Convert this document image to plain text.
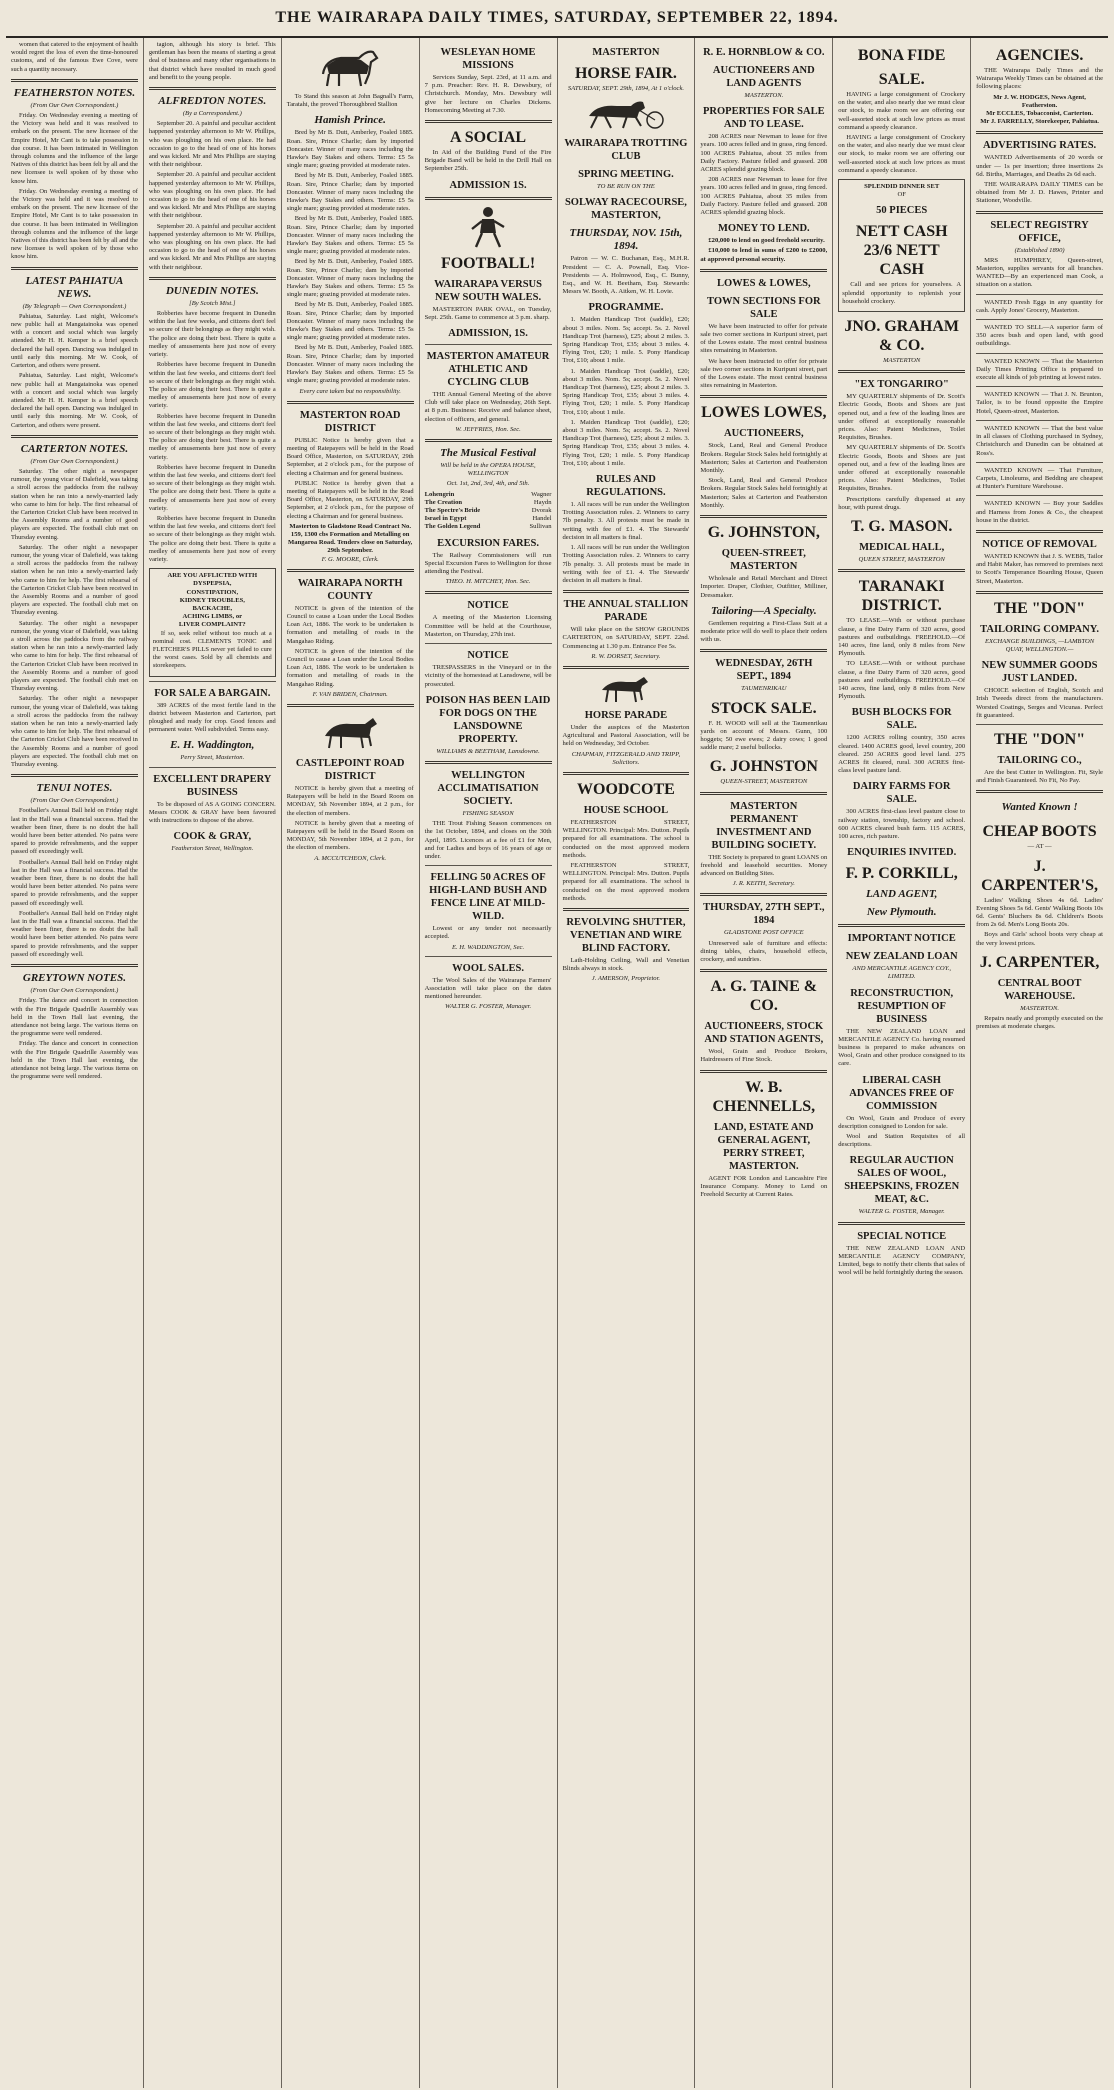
THE WAIRARAPA DAILY TIMES, SATURDAY, SEPTEMBER 22, 1894.
women that catered to the enjoyment of health would regret the loss of even the time-honoured customs, and of the famous Ewe Cove, were such a quantity necessary.
FEATHERSTON NOTES.
(From Our Own Correspondent.)
Friday. On Wednesday evening a meeting of the Victory was held and it was resolved to embark on the present. The new licensee of the Empire Hotel, Mr Cant is to take possession in due course. It has been intimated in Wellington through columns and the influence of the large Natives of this district has been felt by all and the new licensee is well spoken of by those who know him.
Friday. On Wednesday evening a meeting of the Victory was held and it was resolved to embark on the present. The new licensee of the Empire Hotel, Mr Cant is to take possession in due course. It has been intimated in Wellington through columns and the influence of the large Natives of this district has been felt by all and the new licensee is well spoken of by those who know him.
LATEST PAHIATUA NEWS.
(By Telegraph — Own Correspondent.)
Pahiatua, Saturday. Last night, Welcome's new public hall at Mangatainoka was opened with a concert and social which was largely attended. Mr H. H. Kemper is a brief speech declared the hall open. Dancing was indulged in until early this morning. Mr W. Cook, of Carterton, and others were present.
Pahiatua, Saturday. Last night, Welcome's new public hall at Mangatainoka was opened with a concert and social which was largely attended. Mr H. H. Kemper is a brief speech declared the hall open. Dancing was indulged in until early this morning. Mr W. Cook, of Carterton, and others were present.
CARTERTON NOTES.
(From Our Own Correspondent.)
Saturday. The other night a newspaper rumour, the young vicar of Dalefield, was taking a stroll across the paddocks from the railway station when he ran into a newly-married lady who came to him for help. The first rehearsal of the Carterton Cricket Club have been received in the Assembly Rooms and a number of good players are expected. The football club met on Thursday evening.
Saturday. The other night a newspaper rumour, the young vicar of Dalefield, was taking a stroll across the paddocks from the railway station when he ran into a newly-married lady who came to him for help. The first rehearsal of the Carterton Cricket Club have been received in the Assembly Rooms and a number of good players are expected. The football club met on Thursday evening.
Saturday. The other night a newspaper rumour, the young vicar of Dalefield, was taking a stroll across the paddocks from the railway station when he ran into a newly-married lady who came to him for help. The first rehearsal of the Carterton Cricket Club have been received in the Assembly Rooms and a number of good players are expected. The football club met on Thursday evening.
Saturday. The other night a newspaper rumour, the young vicar of Dalefield, was taking a stroll across the paddocks from the railway station when he ran into a newly-married lady who came to him for help. The first rehearsal of the Carterton Cricket Club have been received in the Assembly Rooms and a number of good players are expected. The football club met on Thursday evening.
TENUI NOTES.
(From Our Own Correspondent.)
Footballer's Annual Ball held on Friday night last in the Hall was a financial success. Had the weather been finer, there is no doubt the hall would have been better attended. No pains were spared to provide refreshments, and the supper passed off exceedingly well.
Footballer's Annual Ball held on Friday night last in the Hall was a financial success. Had the weather been finer, there is no doubt the hall would have been better attended. No pains were spared to provide refreshments, and the supper passed off exceedingly well.
Footballer's Annual Ball held on Friday night last in the Hall was a financial success. Had the weather been finer, there is no doubt the hall would have been better attended. No pains were spared to provide refreshments, and the supper passed off exceedingly well.
GREYTOWN NOTES.
(From Our Own Correspondent.)
Friday. The dance and concert in connection with the Fire Brigade Quadrille Assembly was held in the Town Hall last evening, the attendance not being large. The various items on the programme were well rendered.
Friday. The dance and concert in connection with the Fire Brigade Quadrille Assembly was held in the Town Hall last evening, the attendance not being large. The various items on the programme were well rendered.
tagion, although his story is brief. This gentleman has been the means of starting a great deal of business and many other organisations in that district which have resulted in much good and benefit to the young people.
ALFREDTON NOTES.
(By a Correspondent.)
September 20. A painful and peculiar accident happened yesterday afternoon to Mr W. Phillips, who was ploughing on his own place. He had occasion to go to the head of one of his horses and was kicked. Mr and Mrs Phillips are staying with their neighbour.
September 20. A painful and peculiar accident happened yesterday afternoon to Mr W. Phillips, who was ploughing on his own place. He had occasion to go to the head of one of his horses and was kicked. Mr and Mrs Phillips are staying with their neighbour.
September 20. A painful and peculiar accident happened yesterday afternoon to Mr W. Phillips, who was ploughing on his own place. He had occasion to go to the head of one of his horses and was kicked. Mr and Mrs Phillips are staying with their neighbour.
DUNEDIN NOTES.
[By Scotch Mist.]
Robberies have become frequent in Dunedin within the last few weeks, and citizens don't feel so secure of their belongings as they might wish. The police are doing their best. There is quite a medley of amusements here just now of every variety.
Robberies have become frequent in Dunedin within the last few weeks, and citizens don't feel so secure of their belongings as they might wish. The police are doing their best. There is quite a medley of amusements here just now of every variety.
Robberies have become frequent in Dunedin within the last few weeks, and citizens don't feel so secure of their belongings as they might wish. The police are doing their best. There is quite a medley of amusements here just now of every variety.
Robberies have become frequent in Dunedin within the last few weeks, and citizens don't feel so secure of their belongings as they might wish. The police are doing their best. There is quite a medley of amusements here just now of every variety.
Robberies have become frequent in Dunedin within the last few weeks, and citizens don't feel so secure of their belongings as they might wish. The police are doing their best. There is quite a medley of amusements here just now of every variety.
ARE YOU AFFLICTED WITH
DYSPEPSIA,
CONSTIPATION,
KIDNEY TROUBLES,
BACKACHE,
ACHING LIMBS, or
LIVER COMPLAINT?
If so, seek relief without too much at a nominal cost. CLEMENTS TONIC and FLETCHER'S PILLS never yet failed to cure the worst cases. Sold by all chemists and storekeepers.
FOR SALE A BARGAIN.
389 ACRES of the most fertile land in the district between Masterton and Carterton, part ploughed and ready for crop. Good fences and permanent water. Well subdivided. Terms easy.
E. H. Waddington,
Perry Street, Masterton.
EXCELLENT DRAPERY BUSINESS
To be disposed of AS A GOING CONCERN. Messrs COOK & GRAY have been favoured with instructions to dispose of the above.
COOK & GRAY,
Featherston Street, Wellington.
To Stand this season at John Bagnall's Farm, Taratahi, the proved Thoroughbred Stallion
Hamish Prince.
Bred by Mr B. Dutt, Amberley, Foaled 1885. Roan. Sire, Prince Charlie; dam by imported Doncaster. Winner of many races including the Hawke's Bay Stakes and others. Terms: £5 5s single mare; grazing provided at moderate rates.
Bred by Mr B. Dutt, Amberley, Foaled 1885. Roan. Sire, Prince Charlie; dam by imported Doncaster. Winner of many races including the Hawke's Bay Stakes and others. Terms: £5 5s single mare; grazing provided at moderate rates.
Bred by Mr B. Dutt, Amberley, Foaled 1885. Roan. Sire, Prince Charlie; dam by imported Doncaster. Winner of many races including the Hawke's Bay Stakes and others. Terms: £5 5s single mare; grazing provided at moderate rates.
Bred by Mr B. Dutt, Amberley, Foaled 1885. Roan. Sire, Prince Charlie; dam by imported Doncaster. Winner of many races including the Hawke's Bay Stakes and others. Terms: £5 5s single mare; grazing provided at moderate rates.
Bred by Mr B. Dutt, Amberley, Foaled 1885. Roan. Sire, Prince Charlie; dam by imported Doncaster. Winner of many races including the Hawke's Bay Stakes and others. Terms: £5 5s single mare; grazing provided at moderate rates.
Bred by Mr B. Dutt, Amberley, Foaled 1885. Roan. Sire, Prince Charlie; dam by imported Doncaster. Winner of many races including the Hawke's Bay Stakes and others. Terms: £5 5s single mare; grazing provided at moderate rates.
Every care taken but no responsibility.
MASTERTON ROAD DISTRICT
PUBLIC Notice is hereby given that a meeting of Ratepayers will be held in the Road Board Office, Masterton, on SATURDAY, 29th September, at 2 o'clock p.m., for the purpose of electing a Chairman and for general business.
PUBLIC Notice is hereby given that a meeting of Ratepayers will be held in the Road Board Office, Masterton, on SATURDAY, 29th September, at 2 o'clock p.m., for the purpose of electing a Chairman and for general business.
Masterton to Gladstone Road Contract No. 159, 1300 cbs Formation and Metalling on Mangaroa Road. Tenders close on Saturday, 29th September.
F. G. MOORE, Clerk.
WAIRARAPA NORTH COUNTY
NOTICE is given of the intention of the Council to cause a Loan under the Local Bodies Loan Act, 1886. The work to be undertaken is formation and metalling of roads in the Mangahao Riding.
NOTICE is given of the intention of the Council to cause a Loan under the Local Bodies Loan Act, 1886. The work to be undertaken is formation and metalling of roads in the Mangahao Riding.
F. VAN BRIDEN, Chairman.
CASTLEPOINT ROAD DISTRICT
NOTICE is hereby given that a meeting of Ratepayers will be held in the Board Room on MONDAY, 5th November 1894, at 2 p.m., for the election of members.
NOTICE is hereby given that a meeting of Ratepayers will be held in the Board Room on MONDAY, 5th November 1894, at 2 p.m., for the election of members.
A. MCCUTCHEON, Clerk.
WESLEYAN HOME MISSIONS
Services Sunday, Sept. 23rd, at 11 a.m. and 7 p.m. Preacher: Rev. H. R. Dewsbury, of Christchurch. Monday, Mrs. Dewsbury will give her lecture on Charles Dickens. Homecoming Meeting at 7.30.
A SOCIAL
In Aid of the Building Fund of the Fire Brigade Band will be held in the Drill Hall on September 25th.
ADMISSION 1S.
FOOTBALL!
WAIRARAPA VERSUS NEW SOUTH WALES.
MASTERTON PARK OVAL, on Tuesday, Sept. 25th. Game to commence at 3 p.m. sharp.
ADMISSION, 1S.
MASTERTON AMATEUR ATHLETIC AND CYCLING CLUB
THE Annual General Meeting of the above Club will take place on Wednesday, 26th Sept. at 8 p.m. Business: Receive and balance sheet, election of officers, and general.
W. JEFFRIES, Hon. Sec.
The Musical Festival
Will be held in the OPERA HOUSE, WELLINGTON
Oct. 1st, 2nd, 3rd, 4th, and 5th.
Lohengrin	Wagner
The Creation	Haydn
The Spectre's Bride	Dvorak
Israel in Egypt	Handel
The Golden Legend	Sullivan
EXCURSION FARES.
The Railway Commissioners will run Special Excursion Fares to Wellington for those attending the Festival.
THEO. H. MITCHEY, Hon. Sec.
NOTICE
A meeting of the Masterton Licensing Committee will be held at the Courthouse, Masterton, on Thursday, 27th inst.
NOTICE
TRESPASSERS in the Vineyard or in the vicinity of the homestead at Lansdowne, will be prosecuted.
POISON HAS BEEN LAID FOR DOGS ON THE LANSDOWNE PROPERTY.
WILLIAMS & BEETHAM, Lansdowne.
WELLINGTON ACCLIMATISATION SOCIETY.
FISHING SEASON
THE Trout Fishing Season commences on the 1st October, 1894, and closes on the 30th April, 1895. Licences at a fee of £1 for Men, and for Ladies and boys of 16 years of age or under.
FELLING 50 ACRES OF HIGH-LAND BUSH AND FENCE LINE AT MILD-WILD.
Lowest or any tender not necessarily accepted.
E. H. WADDINGTON, Sec.
WOOL SALES.
The Wool Sales of the Wairarapa Farmers' Association will take place on the dates mentioned hereunder.
WALTER G. FOSTER, Manager.
MASTERTON
HORSE FAIR.
SATURDAY, SEPT. 29th, 1894, At 1 o'clock.
WAIRARAPA TROTTING CLUB
SPRING MEETING.
TO BE RUN ON THE
SOLWAY RACECOURSE, MASTERTON,
THURSDAY, NOV. 15th, 1894.
Patron — W. C. Buchanan, Esq., M.H.R. President — C. A. Pownall, Esq. Vice-Presidents — A. Holmwood, Esq., C. Bunny, Esq., and W. H. Beetham, Esq. Stewards: Messrs W. Booth, A. Aitken, W. H. Lovie.
PROGRAMME.
1. Maiden Handicap Trot (saddle), £20; about 3 miles. Nom. 5s; accept. 5s. 2. Novel Handicap Trot (harness), £25; about 2 miles. 3. Spring Handicap Trot, £35; about 3 miles. 4. Flying Trot, £20; 1 mile. 5. Pony Handicap Trot, £10; about 1 mile.
1. Maiden Handicap Trot (saddle), £20; about 3 miles. Nom. 5s; accept. 5s. 2. Novel Handicap Trot (harness), £25; about 2 miles. 3. Spring Handicap Trot, £35; about 3 miles. 4. Flying Trot, £20; 1 mile. 5. Pony Handicap Trot, £10; about 1 mile.
1. Maiden Handicap Trot (saddle), £20; about 3 miles. Nom. 5s; accept. 5s. 2. Novel Handicap Trot (harness), £25; about 2 miles. 3. Spring Handicap Trot, £35; about 3 miles. 4. Flying Trot, £20; 1 mile. 5. Pony Handicap Trot, £10; about 1 mile.
RULES AND REGULATIONS.
1. All races will be run under the Wellington Trotting Association rules. 2. Winners to carry 7lb penalty. 3. All protests must be made in writing with fee of £1. 4. The Stewards' decision in all matters is final.
1. All races will be run under the Wellington Trotting Association rules. 2. Winners to carry 7lb penalty. 3. All protests must be made in writing with fee of £1. 4. The Stewards' decision in all matters is final.
THE ANNUAL STALLION PARADE
Will take place on the SHOW GROUNDS CARTERTON, on SATURDAY, SEPT. 22nd. Commencing at 1.30 p.m. Entrance Fee 5s.
R. W. DORSET, Secretary.
HORSE PARADE
Under the auspices of the Masterton Agricultural and Pastoral Association, will be held on Wednesday, 3rd October.
CHAPMAN, FITZGERALD AND TRIPP, Solicitors.
WOODCOTE
HOUSE SCHOOL
FEATHERSTON STREET, WELLINGTON. Principal: Mrs. Dutton. Pupils prepared for all examinations. The school is conducted on the most approved modern methods.
FEATHERSTON STREET, WELLINGTON. Principal: Mrs. Dutton. Pupils prepared for all examinations. The school is conducted on the most approved modern methods.
REVOLVING SHUTTER, VENETIAN AND WIRE BLIND FACTORY.
Lath-Holding Ceiling, Wall and Venetian Blinds always in stock.
J. AMERSON, Proprietor.
R. E. HORNBLOW & CO.
AUCTIONEERS AND LAND AGENTS
MASTERTON.
PROPERTIES FOR SALE AND TO LEASE.
208 ACRES near Newman to lease for five years. 100 acres felled and in grass, ring fenced. 100 ACRES Pahiatua, about 35 miles from Daily Factory. Pasture felled and grassed. 208 ACRES splendid grazing block.
208 ACRES near Newman to lease for five years. 100 acres felled and in grass, ring fenced. 100 ACRES Pahiatua, about 35 miles from Daily Factory. Pasture felled and grassed. 208 ACRES splendid grazing block.
MONEY TO LEND.
£20,000 to lend on good freehold security.
£10,000 to lend in sums of £200 to £2000, at approved personal security.
LOWES & LOWES,
TOWN SECTIONS FOR SALE
We have been instructed to offer for private sale two corner sections in Kuripuni street, part of the Lowes estate. The most central business sites remaining in Masterton.
We have been instructed to offer for private sale two corner sections in Kuripuni street, part of the Lowes estate. The most central business sites remaining in Masterton.
LOWES LOWES,
AUCTIONEERS,
Stock, Land, Real and General Produce Brokers. Regular Stock Sales held fortnightly at Masterton; Sales at Carterton and Featherston Monthly.
Stock, Land, Real and General Produce Brokers. Regular Stock Sales held fortnightly at Masterton; Sales at Carterton and Featherston Monthly.
G. JOHNSTON,
QUEEN-STREET, MASTERTON
Wholesale and Retail Merchant and Direct Importer. Draper, Clothier, Outfitter, Milliner, Dressmaker.
Tailoring—A Specialty.
Gentlemen requiring a First-Class Suit at a moderate price will do well to place their orders with us.
WEDNESDAY, 26TH SEPT., 1894
TAUMENRIKAU
STOCK SALE.
F. H. WOOD will sell at the Taumenrikau yards on account of Messrs. Gunn, 100 hoggets; 50 ewe ewes; 2 dairy cows; 1 good saddle mare; 2 useful bullocks.
G. JOHNSTON
QUEEN-STREET, MASTERTON
MASTERTON PERMANENT INVESTMENT AND BUILDING SOCIETY.
THE Society is prepared to grant LOANS on freehold and leasehold securities. Money advanced on Building Sites.
J. R. KEITH, Secretary.
THURSDAY, 27TH SEPT., 1894
GLADSTONE POST OFFICE
Unreserved sale of furniture and effects: dining tables, chairs, household effects, crockery, and sundries.
A. G. TAINE & CO.
AUCTIONEERS, STOCK AND STATION AGENTS,
Wool, Grain and Produce Brokers, Hairdressers of Fine Stock.
W. B. CHENNELLS,
LAND, ESTATE AND GENERAL AGENT, PERRY STREET, MASTERTON.
AGENT FOR London and Lancashire Fire Insurance Company. Money to Lend on Freehold Security at Current Rates.
BONA FIDE
SALE.
HAVING a large consignment of Crockery on the water, and also nearly due we must clear our stock, to make room we are offering our well-assorted stock at such low prices as must command a speedy clearance.
HAVING a large consignment of Crockery on the water, and also nearly due we must clear our stock, to make room we are offering our well-assorted stock at such low prices as must command a speedy clearance.
SPLENDID DINNER SET
OF
50 PIECES
NETT CASH 23/6 NETT CASH
Call and see prices for yourselves. A splendid opportunity to replenish your household crockery.
JNO. GRAHAM & CO.
MASTERTON
"EX TONGARIRO"
MY QUARTERLY shipments of Dr. Scott's Electric Goods, Boots and Shoes are just opened out, and a few of the leading lines are under offered at exceptionally reasonable prices. Also: Patent Medicines, Toilet Requisites, Brushes.
MY QUARTERLY shipments of Dr. Scott's Electric Goods, Boots and Shoes are just opened out, and a few of the leading lines are under offered at exceptionally reasonable prices. Also: Patent Medicines, Toilet Requisites, Brushes.
Prescriptions carefully dispensed at any hour, with purest drugs.
T. G. MASON.
MEDICAL HALL,
QUEEN STREET, MASTERTON
TARANAKI DISTRICT.
TO LEASE.—With or without purchase clause, a fine Dairy Farm of 320 acres, good pastures and outbuildings. FREEHOLD.—Of 140 acres, fine land, only 8 miles from New Plymouth.
TO LEASE.—With or without purchase clause, a fine Dairy Farm of 320 acres, good pastures and outbuildings. FREEHOLD.—Of 140 acres, fine land, only 8 miles from New Plymouth.
BUSH BLOCKS FOR SALE.
1200 ACRES rolling country, 350 acres cleared. 1400 ACRES good, level country, 200 cleared. 250 ACRES good level land. 275 ACRES fit cleared, rural. 300 ACRES first-class level pasture land.
DAIRY FARMS FOR SALE.
300 ACRES first-class level pasture close to railway station, township, factory and school. 600 ACRES cleared bush farm. 115 ACRES, 100 acres, rich pasture.
ENQUIRIES INVITED.
F. P. CORKILL,
LAND AGENT,
New Plymouth.
IMPORTANT NOTICE
NEW ZEALAND LOAN
AND MERCANTILE AGENCY COY., LIMITED.
RECONSTRUCTION, RESUMPTION OF BUSINESS
THE NEW ZEALAND LOAN and MERCANTILE AGENCY Co. having resumed business is prepared to make advances on Wool, Grain and other produce consigned to its care.
LIBERAL CASH ADVANCES FREE OF COMMISSION
On Wool, Grain and Produce of every description consigned to London for sale.
Wool and Station Requisites of all descriptions.
REGULAR AUCTION SALES OF WOOL, SHEEPSKINS, FROZEN MEAT, &C.
WALTER G. FOSTER, Manager.
SPECIAL NOTICE
THE NEW ZEALAND LOAN AND MERCANTILE AGENCY COMPANY, Limited, begs to notify their clients that sales of wool will be held fortnightly during the season.
AGENCIES.
THE Wairarapa Daily Times and the Wairarapa Weekly Times can be obtained at the following places:
Mr J. W. HODGES, News Agent, Featherston.
Mr ECCLES, Tobacconist, Carterton.
Mr J. FARRELLY, Storekeeper, Pahiatua.
ADVERTISING RATES.
WANTED Advertisements of 20 words or under — 1s per insertion; three insertions 2s 6d. Births, Marriages, and Deaths 2s 6d each.
THE WAIRARAPA DAILY TIMES can be obtained from Mr J. D. Hawes, Printer and Stationer, Woodville.
SELECT REGISTRY OFFICE,
(Established 1890)
MRS HUMPHREY, Queen-street, Masterton, supplies servants for all branches. WANTED—By an experienced man Cook, a situation on a station.
WANTED Fresh Eggs in any quantity for cash. Apply Jones' Grocery, Masterton.
WANTED TO SELL—A superior farm of 350 acres bush and open land, with good outbuildings.
WANTED KNOWN — That the Masterton Daily Times Printing Office is prepared to execute all kinds of job printing at lowest rates.
WANTED KNOWN — That J. N. Brunton, Tailor, is to be found opposite the Empire Hotel, Queen-street, Masterton.
WANTED KNOWN — That the best value in all classes of Clothing purchased in Sydney, Christchurch and Dunedin can be obtained at Ross's.
WANTED KNOWN — That Furniture, Carpets, Linoleums, and Bedding are cheapest at Hunter's Furniture Warehouse.
WANTED KNOWN — Buy your Saddles and Harness from Jones & Co., the cheapest house in the district.
NOTICE OF REMOVAL
WANTED KNOWN that J. S. WEBB, Tailor and Habit Maker, has removed to premises next to Scott's Temperance Boarding House, Queen Street, Masterton.
THE "DON"
TAILORING COMPANY.
EXCHANGE BUILDINGS, —LAMBTON QUAY, WELLINGTON.—
NEW SUMMER GOODS JUST LANDED.
CHOICE selection of English, Scotch and Irish Tweeds direct from the manufacturers. Worsted Coatings, Serges and Vicunas. Perfect fit guaranteed.
THE "DON"
TAILORING CO.,
Are the best Cutter in Wellington. Fit, Style and Finish Guaranteed. No Fit, No Pay.
Wanted Known !
CHEAP BOOTS
— AT —
J. CARPENTER'S,
Ladies' Walking Shoes 4s 6d. Ladies' Evening Shoes 5s 6d. Gents' Walking Boots 10s 6d. Gents' Bluchers 8s 6d. Children's Boots from 2s 6d. Men's Long Boots 20s.
Boys and Girls' school boots very cheap at the very lowest prices.
J. CARPENTER,
CENTRAL BOOT WAREHOUSE.
MASTERTON.
Repairs neatly and promptly executed on the premises at moderate charges.
